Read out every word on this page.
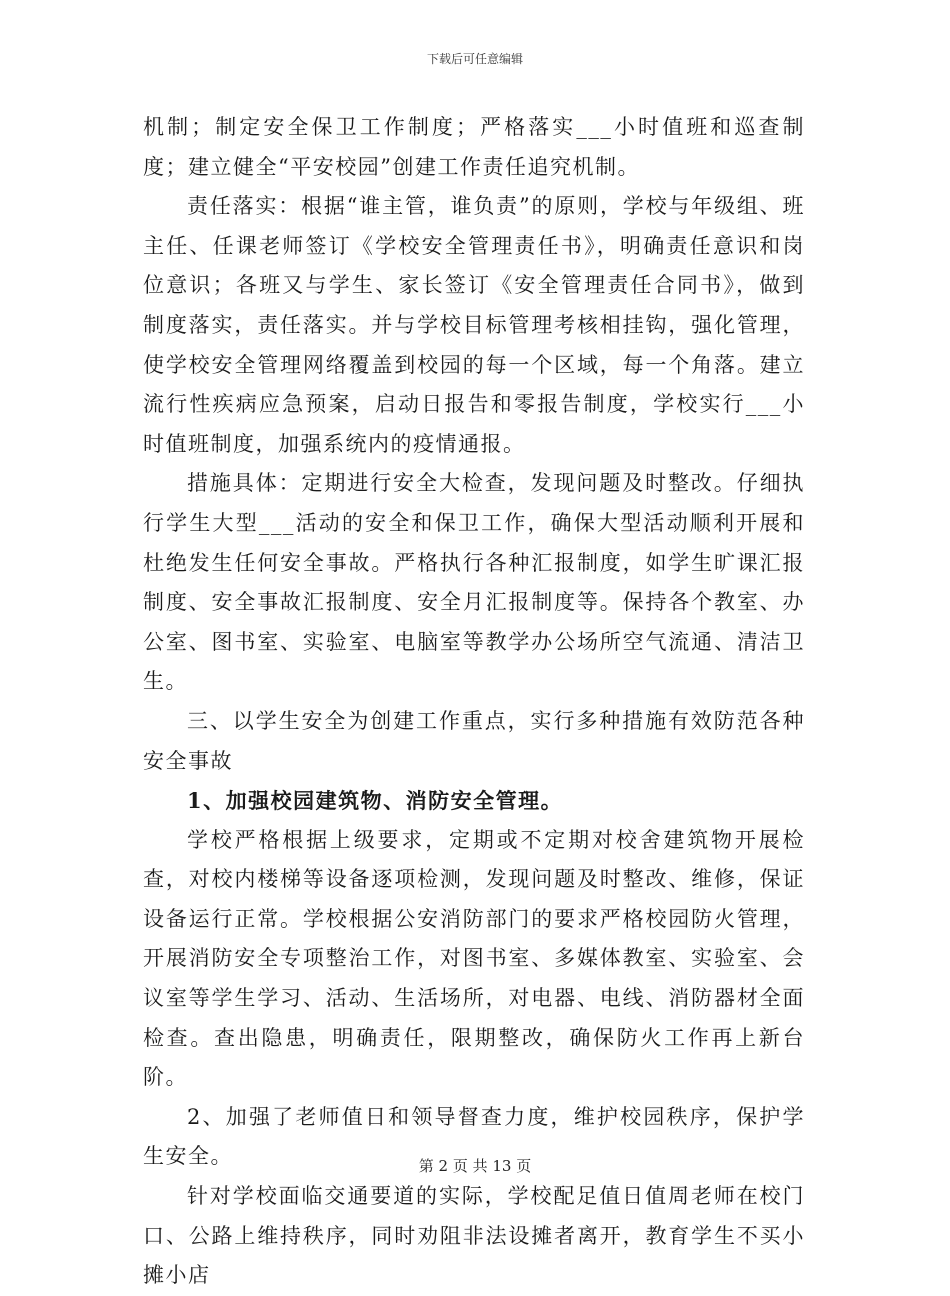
下载后可任意编辑

机制；制定安全保卫工作制度；严格落实___小时值班和巡查制度；建立健全“平安校园”创建工作责任追究机制。

责任落实：根据“谁主管，谁负责”的原则，学校与年级组、班主任、任课老师签订《学校安全管理责任书》，明确责任意识和岗位意识；各班又与学生、家长签订《安全管理责任合同书》，做到制度落实，责任落实。并与学校目标管理考核相挂钩，强化管理，使学校安全管理网络覆盖到校园的每一个区域，每一个角落。建立流行性疾病应急预案，启动日报告和零报告制度，学校实行___小时值班制度，加强系统内的疫情通报。

措施具体：定期进行安全大检查，发现问题及时整改。仔细执行学生大型___活动的安全和保卫工作，确保大型活动顺利开展和杜绝发生任何安全事故。严格执行各种汇报制度，如学生旷课汇报制度、安全事故汇报制度、安全月汇报制度等。保持各个教室、办公室、图书室、实验室、电脑室等教学办公场所空气流通、清洁卫生。

三、以学生安全为创建工作重点，实行多种措施有效防范各种安全事故

1、加强校园建筑物、消防安全管理。

学校严格根据上级要求，定期或不定期对校舍建筑物开展检查，对校内楼梯等设备逐项检测，发现问题及时整改、维修，保证设备运行正常。学校根据公安消防部门的要求严格校园防火管理，开展消防安全专项整治工作，对图书室、多媒体教室、实验室、会议室等学生学习、活动、生活场所，对电器、电线、消防器材全面检查。查出隐患，明确责任，限期整改，确保防火工作再上新台阶。

2、加强了老师值日和领导督查力度，维护校园秩序，保护学生安全。

针对学校面临交通要道的实际，学校配足值日值周老师在校门口、公路上维持秩序，同时劝阻非法设摊者离开，教育学生不买小摊小店

第 2 页 共 13 页
